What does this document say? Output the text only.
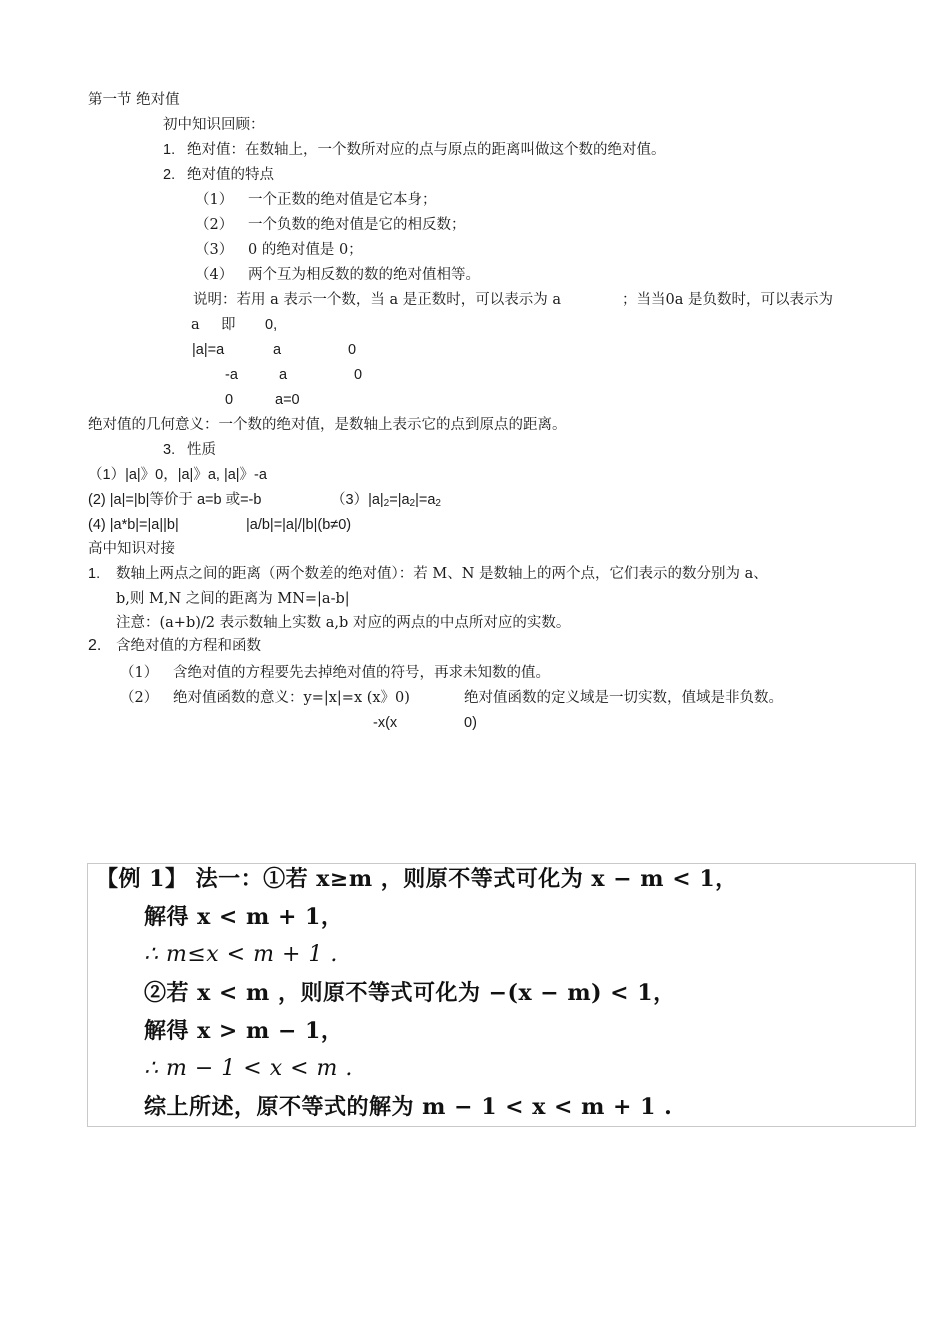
第一节 绝对值
初中知识回顾：
1. 绝对值：在数轴上，一个数所对应的点与原点的距离叫做这个数的绝对值。
2. 绝对值的特点
（1） 一个正数的绝对值是它本身；
（2） 一个负数的绝对值是它的相反数；
（3） 0 的绝对值是 0；
（4） 两个互为相反数的数的绝对值相等。
说明：若用 a 表示一个数，当 a 是正数时，可以表示为 a	；当当0a 是负数时，可以表示为
a 即 0,
|a|=a	a	0
-a	a	0
0	a=0
绝对值的几何意义：一个数的绝对值，是数轴上表示它的点到原点的距离。
3. 性质
（1）|a|》0，|a|》a, |a|》-a
(2) |a|=|b|等价于 a=b 或=-b	$(3)|a|_2=|a_2|=a_2$
(4) |a*b|=|a||b|	|a/b|=|a|/|b|(b≠0)
高中知识对接
1. 数轴上两点之间的距离（两个数差的绝对值）：若 M、N 是数轴上的两个点，它们表示的数分别为 a、
b,则 M,N 之间的距离为 MN=|a-b|
注意：(a+b)/2 表示数轴上实数 a,b 对应的两点的中点所对应的实数。
2. 含绝对值的方程和函数
（1） 含绝对值的方程要先去掉绝对值的符号，再求未知数的值。
（2） 绝对值函数的意义：y=|x|=x (x》0)	绝对值函数的定义域是一切实数，值域是非负数。
-x(x	0)
【例 1】 法一：①若 x≥m ，则原不等式可化为 x − m < 1，
解得 x < m + 1，
∴ m≤x < m + 1 .
②若 x < m ，则原不等式可化为 −(x − m) < 1，
解得 x > m − 1，
∴ m − 1 < x < m .
综上所述，原不等式的解为 m − 1 < x < m + 1 .
